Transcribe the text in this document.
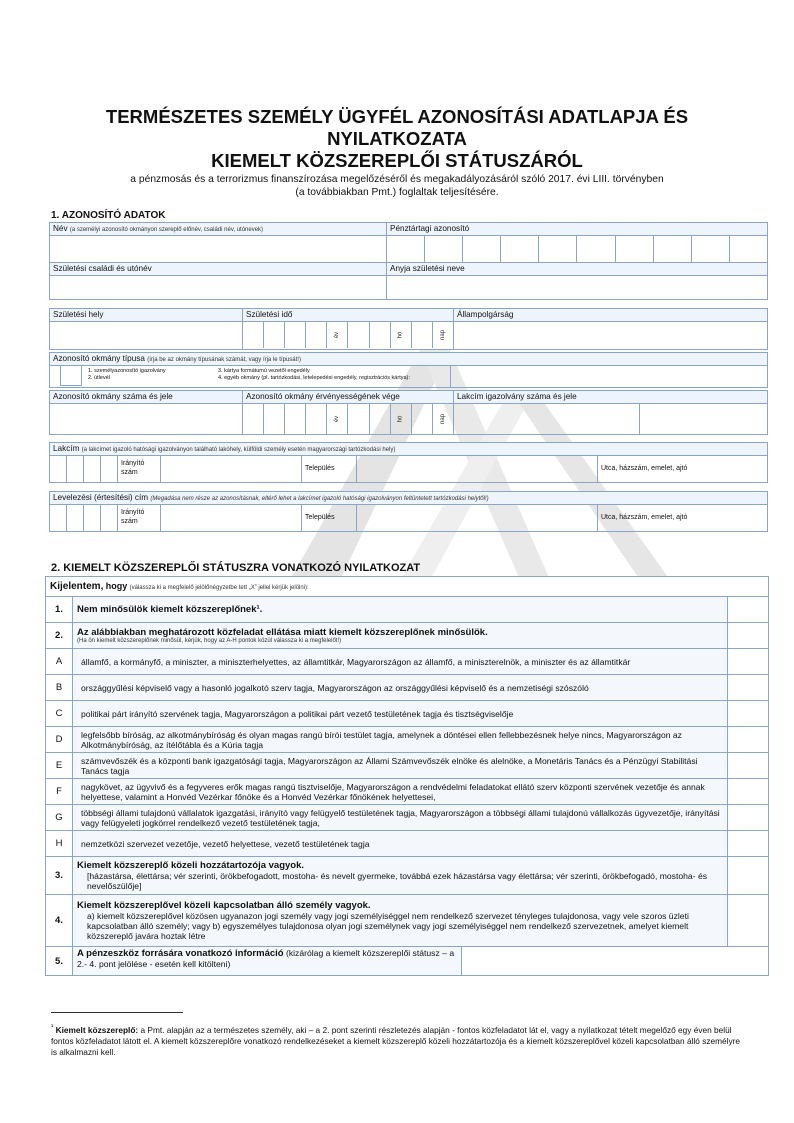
TERMÉSZETES SZEMÉLY ÜGYFÉL AZONOSÍTÁSI ADATLAPJA ÉS
NYILATKOZATA
KIEMELT KÖZSZEREPLŐI STÁTUSZÁRÓL
a pénzmosás és a terrorizmus finanszírozása megelőzéséről és megakadályozásáról szóló 2017. évi LIII. törvényben
(a továbbiakban Pmt.) foglaltak teljesítésére.
1. AZONOSÍTÓ ADATOK
Név (a személyi azonosító okmányon szereplő előnév, családi név, utónevek)	Pénztártagi azonosító

Születési családi és utónév	Anyja születési neve

Születési hely	Születési idő	Állampolgárság

	év hó nap	

Azonosító okmány típusa (írja be az okmány típusának számát, vagy írja le típusát!)

1. személyazonosító igazolvány
2. útlevél
3. kártya formátumú vezetői engedély
4. egyéb okmány (pl. tartózkodási, letelepedési engedély, regisztrációs kártya):

Azonosító okmány száma és jele	Azonosító okmány érvényességének vége	Lakcím igazolvány száma és jele

	év hó nap	

Lakcím (a lakcímet igazoló hatósági igazolványon található lakóhely, külföldi személy esetén magyarországi tartózkodási hely)

Irányító szám
Település	Utca, házszám, emelet, ajtó
Levelezési (értesítési) cím (Megadása nem része az azonosításnak, eltérő lehet a lakcímet igazoló hatósági igazolványon feltüntetett tartózkodási helytől!)

Irányító szám
Település	Utca, házszám, emelet, ajtó
2. KIEMELT KÖZSZEREPLŐI STÁTUSZRA VONATKOZÓ NYILATKOZAT
Kijelentem, hogy (válassza ki a megfelelő jelölőnégyzetbe tett „X” jellel kérjük jelölni):		
1.	Nem minősülök kiemelt közszereplőnek¹.	
2.	Az alábbiakban meghatározott közfeladat ellátása miatt kiemelt közszereplőnek minősülök.
(Ha ön kiemelt közszereplőnek minősül, kérjük, hogy az A-H pontok közül válassza ki a megfelelőt!)	

A	államfő, a kormányfő, a miniszter, a miniszterhelyettes, az államtitkár, Magyarországon az államfő, a miniszterelnök, a miniszter és az államtitkár	
B	országgyűlési képviselő vagy a hasonló jogalkotó szerv tagja, Magyarországon az országgyűlési képviselő és a nemzetiségi szószóló	
C	politikai párt irányító szervének tagja, Magyarországon a politikai párt vezető testületének tagja és tisztségviselője	
D	legfelsőbb bíróság, az alkotmánybíróság és olyan magas rangú bírói testület tagja, amelynek a döntései ellen fellebbezésnek helye nincs, Magyarországon az Alkotmánybíróság, az ítélőtábla és a Kúria tagja	
E	számvevőszék és a központi bank igazgatósági tagja, Magyarországon az Állami Számvevőszék elnöke és alelnöke, a Monetáris Tanács és a Pénzügyi Stabilitási Tanács tagja	
F	nagykövet, az ügyvivő és a fegyveres erők magas rangú tisztviselője, Magyarországon a rendvédelmi feladatokat ellátó szerv központi szervének vezetője és annak helyettese, valamint a Honvéd Vezérkar főnöke és a Honvéd Vezérkar főnökének helyettesei,	
G	többségi állami tulajdonú vállalatok igazgatási, irányító vagy felügyelő testületének tagja, Magyarországon a többségi állami tulajdonú vállalkozás ügyvezetője, irányítási vagy felügyeleti jogkörrel rendelkező vezető testületének tagja,	
H	nemzetközi szervezet vezetője, vezető helyettese, vezető testületének tagja	
3.	Kiemelt közszereplő közeli hozzátartozója vagyok.
[házastársa, élettársa; vér szerinti, örökbefogadott, mostoha- és nevelt gyermeke, továbbá ezek házastársa vagy élettársa; vér szerinti, örökbefogadó, mostoha- és nevelőszülője]	

4.	Kiemelt közszereplővel közeli kapcsolatban álló személy vagyok.
a) kiemelt közszereplővel közösen ugyanazon jogi személy vagy jogi személyiséggel nem rendelkező szervezet tényleges tulajdonosa, vagy vele szoros üzleti kapcsolatban álló személy; vagy b) egyszemélyes tulajdonosa olyan jogi személynek vagy jogi személyiséggel nem rendelkező szervezetnek, amelyet kiemelt közszereplő javára hoztak létre	

5.	A pénzeszköz forrására vonatkozó információ (kizárólag a kiemelt közszereplői státusz – a 2.- 4. pont jelölése - esetén kell kitölteni)	
$^{^1}$ Kiemelt közszereplő: a Pmt. alapján az a természetes személy, aki – a 2. pont szerinti részletezés alapján - fontos közfeladatot lát el, vagy a nyilatkozat tételt megelőző egy éven belül fontos közfeladatot látott el. A kiemelt közszereplőre vonatkozó rendelkezéseket a kiemelt közszereplő közeli hozzátartozója és a kiemelt közszereplővel közeli kapcsolatban álló személyre is alkalmazni kell.
